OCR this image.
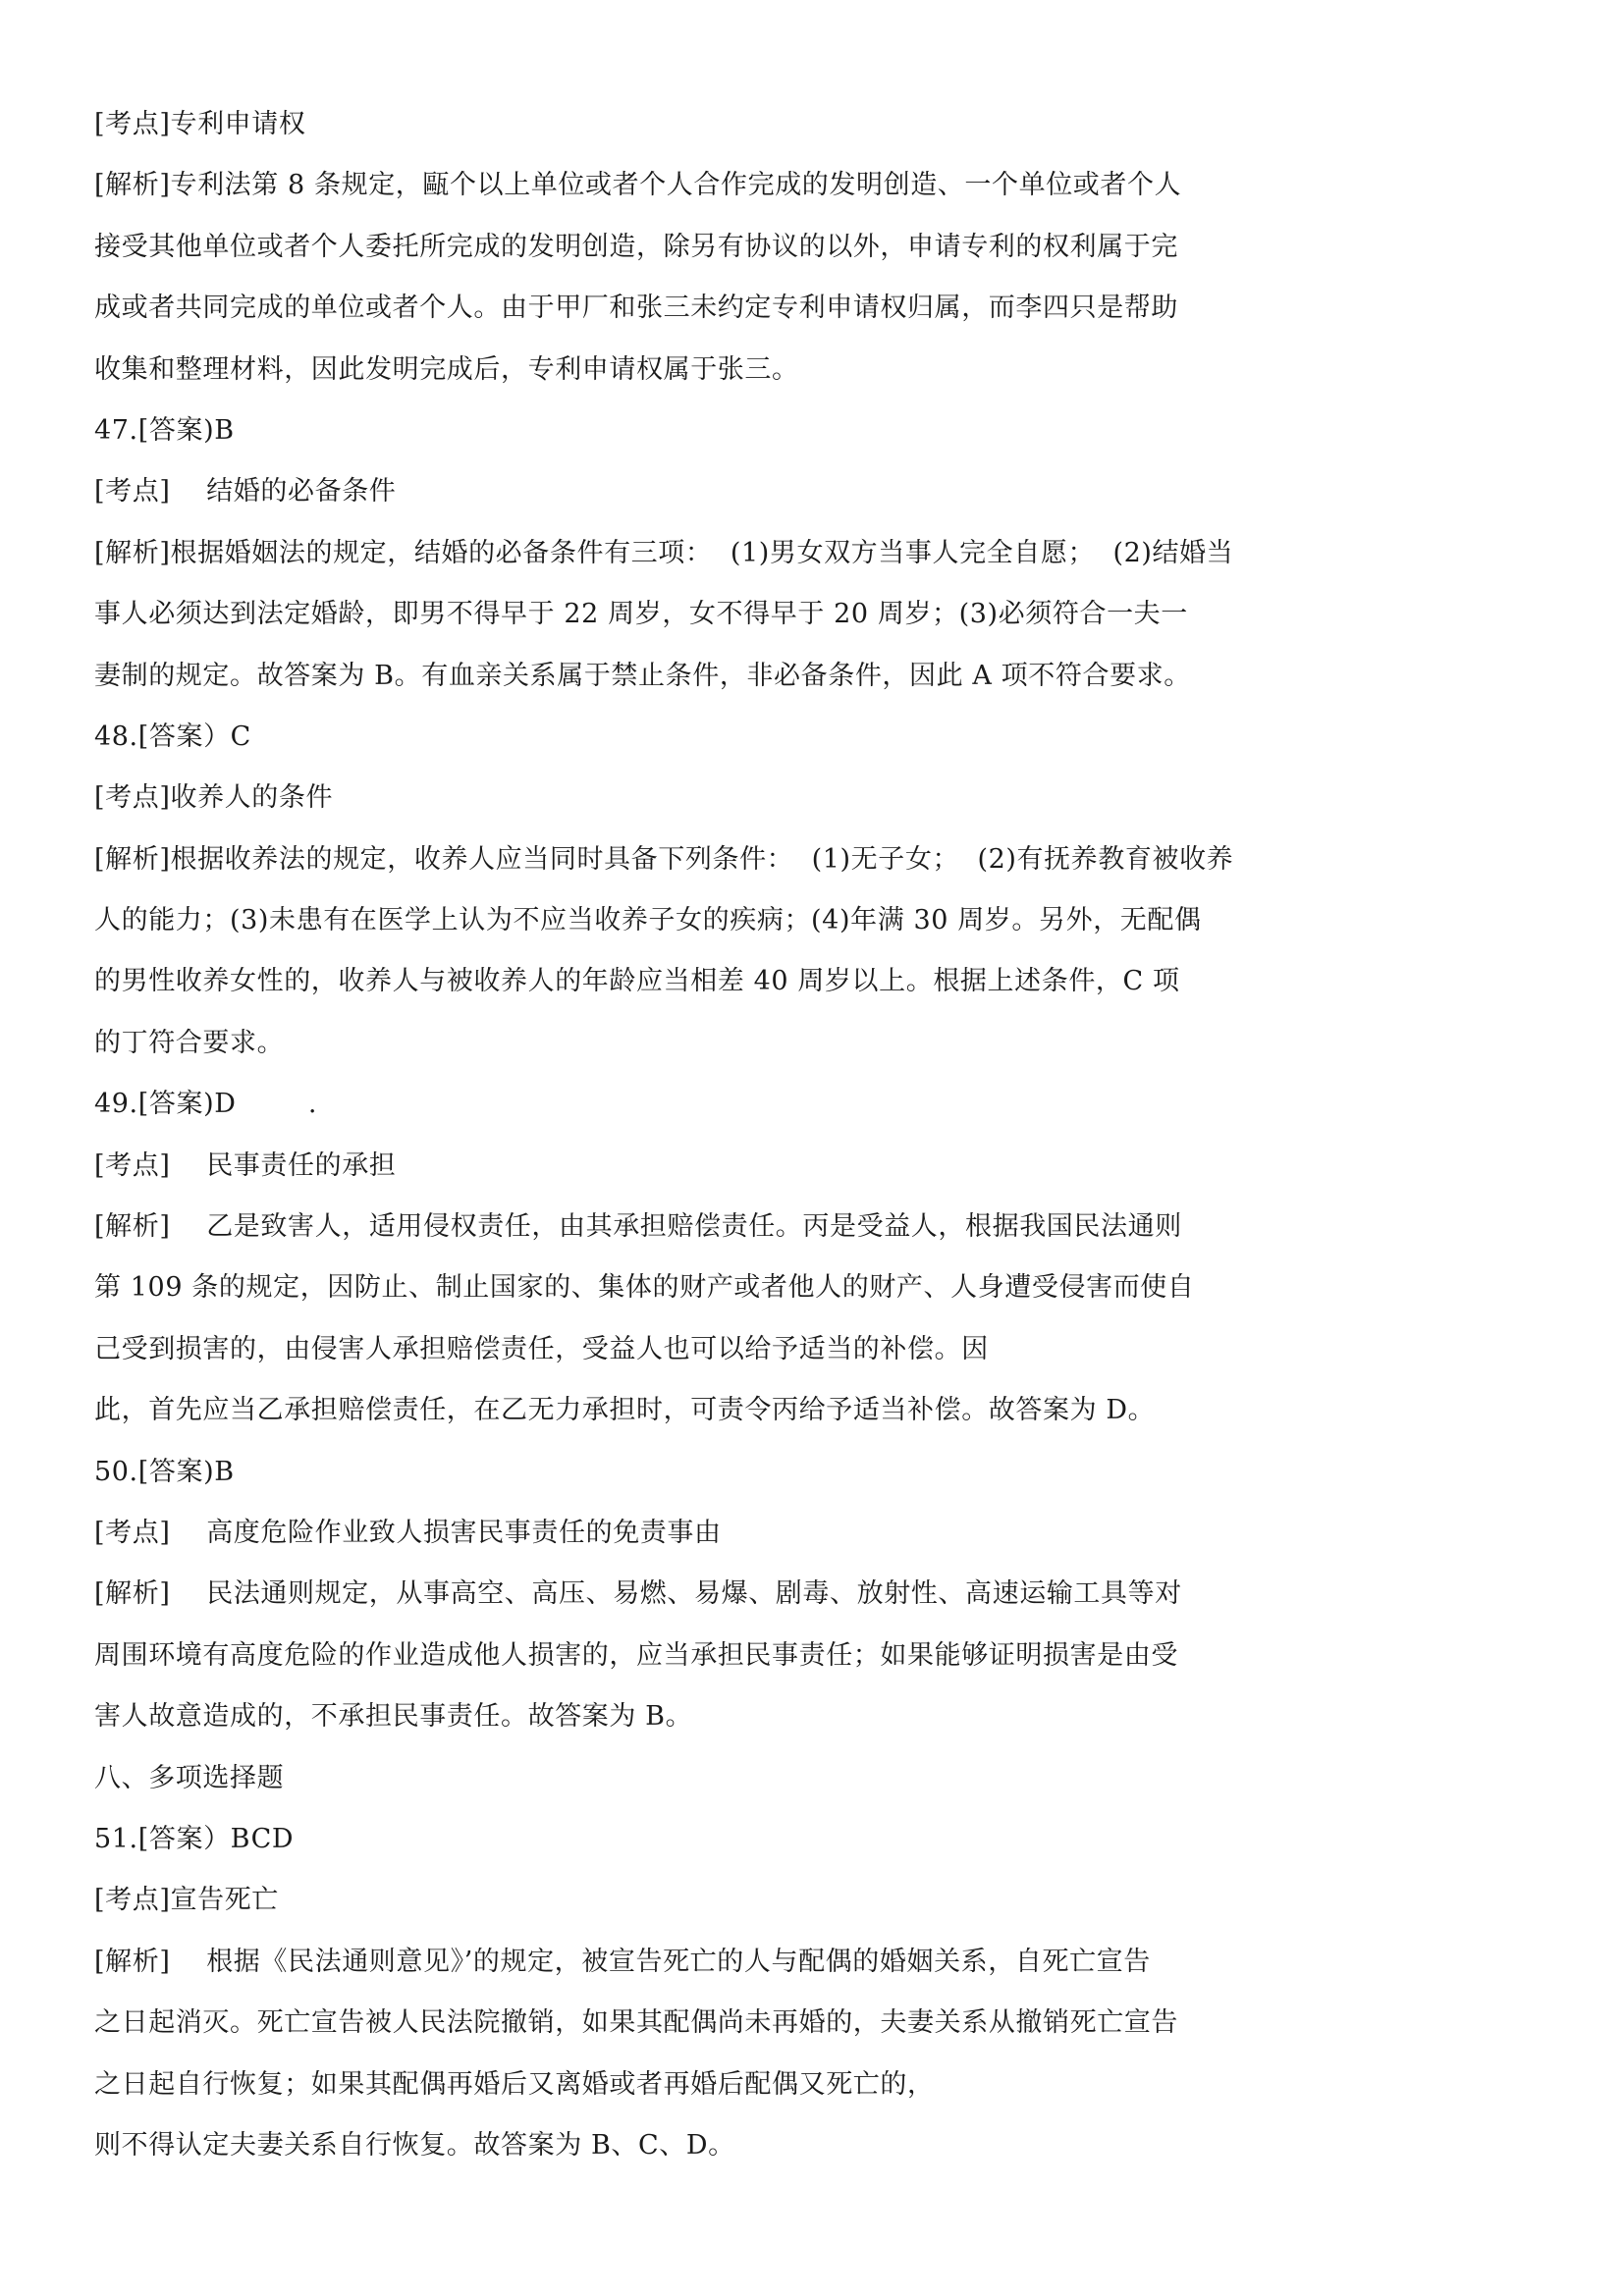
[考点]专利申请权
[解析]专利法第 8 条规定，甌个以上单位或者个人合作完成的发明创造、一个单位或者个人
接受其他单位或者个人委托所完成的发明创造，除另有协议的以外，申请专利的权利属于完
成或者共同完成的单位或者个人。由于甲厂和张三未约定专利申请权归属，而李四只是帮助
收集和整理材料，因此发明完成后，专利申请权属于张三。
47.[答案)B
[考点]    结婚的必备条件
[解析]根据婚姻法的规定，结婚的必备条件有三项：  (1)男女双方当事人完全自愿；  (2)结婚当
事人必须达到法定婚龄，即男不得早于 22 周岁，女不得早于 20 周岁；(3)必须符合一夫一
妻制的规定。故答案为 B。有血亲关系属于禁止条件，非必备条件，因此 A 项不符合要求。
48.[答案）C
[考点]收养人的条件
[解析]根据收养法的规定，收养人应当同时具备下列条件：  (1)无子女；  (2)有抚养教育被收养
人的能力；(3)未患有在医学上认为不应当收养子女的疾病；(4)年满 30 周岁。另外，无配偶
的男性收养女性的，收养人与被收养人的年龄应当相差 40 周岁以上。根据上述条件，C 项
的丁符合要求。
49.[答案)D        .
[考点]    民事责任的承担
[解析]    乙是致害人，适用侵权责任，由其承担赔偿责任。丙是受益人，根据我国民法通则
第 109 条的规定，因防止、制止国家的、集体的财产或者他人的财产、人身遭受侵害而使自
己受到损害的，由侵害人承担赔偿责任，受益人也可以给予适当的补偿。因
此，首先应当乙承担赔偿责任，在乙无力承担时，可责令丙给予适当补偿。故答案为 D。
50.[答案)B
[考点]    高度危险作业致人损害民事责任的免责事由
[解析]    民法通则规定，从事高空、高压、易燃、易爆、剧毒、放射性、高速运输工具等对
周围环境有高度危险的作业造成他人损害的，应当承担民事责任；如果能够证明损害是由受
害人故意造成的，不承担民事责任。故答案为 B。
八、多项选择题
51.[答案）BCD
[考点]宣告死亡
[解析]    根据《民法通则意见》’的规定，被宣告死亡的人与配偶的婚姻关系，自死亡宣告
之日起消灭。死亡宣告被人民法院撤销，如果其配偶尚未再婚的，夫妻关系从撤销死亡宣告
之日起自行恢复；如果其配偶再婚后又离婚或者再婚后配偶又死亡的，
则不得认定夫妻关系自行恢复。故答案为 B、C、D。
